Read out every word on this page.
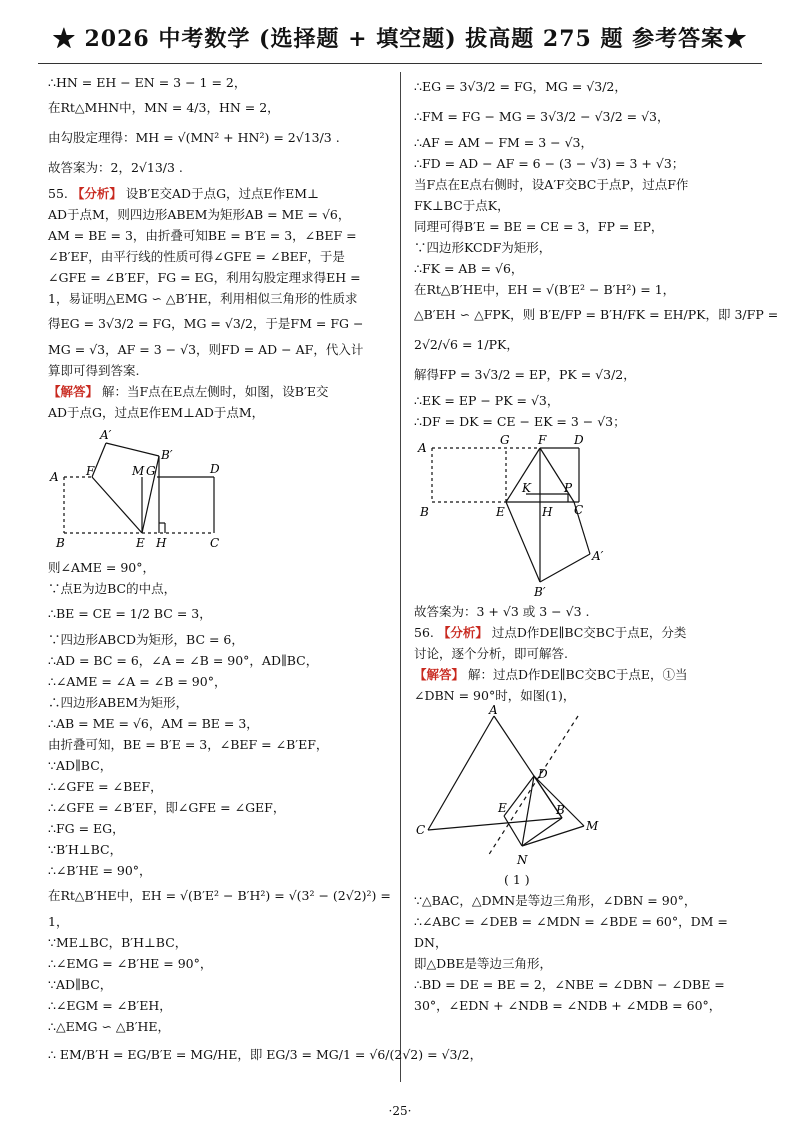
★ 2026 中考数学 (选择题 + 填空题) 拔高题 275 题 参考答案★
∴HN = EH − EN = 3 − 1 = 2，
在Rt△MHN中，MN = 4/3，HN = 2，
由勾股定理得：MH = √(MN² + HN²) = 2√13/3 .
故答案为：2，2√13/3 .
55. 【分析】 设B′E交AD于点G，过点E作EM⊥
AD于点M，则四边形ABEM为矩形AB = ME = √6，
AM = BE = 3，由折叠可知BE = B′E = 3，∠BEF =
∠B′EF，由平行线的性质可得∠GFE = ∠BEF，于是
∠GFE = ∠B′EF，FG = EG，利用勾股定理求得EH =
1，易证明△EMG ∽ △B′HE，利用相似三角形的性质求
得EG = 3√3/2 = FG，MG = √3/2，于是FM = FG −
MG = √3，AF = 3 − √3，则FD = AD − AF，代入计
算即可得到答案.
【解答】 解：当F点在E点左侧时，如图，设B′E交
AD于点G，过点E作EM⊥AD于点M，
A′
B′
A F	M G	D
B	E H	C
则∠AME = 90°，
∵点E为边BC的中点，
∴BE = CE = 1/2 BC = 3，
∵四边形ABCD为矩形，BC = 6，
∴AD = BC = 6，∠A = ∠B = 90°，AD∥BC，
∴∠AME = ∠A = ∠B = 90°，
∴四边形ABEM为矩形，
∴AB = ME = √6，AM = BE = 3，
由折叠可知，BE = B′E = 3，∠BEF = ∠B′EF，
∵AD∥BC，
∴∠GFE = ∠BEF，
∴∠GFE = ∠B′EF，即∠GFE = ∠GEF，
∴FG = EG，
∵B′H⊥BC，
∴∠B′HE = 90°，
在Rt△B′HE中，EH = √(B′E² − B′H²) = √(3² − (2√2)²) =
1，
∵ME⊥BC，B′H⊥BC，
∴∠EMG = ∠B′HE = 90°，
∵AD∥BC，
∴∠EGM = ∠B′EH，
∴△EMG ∽ △B′HE，
∴ EM/B′H = EG/B′E = MG/HE，即 EG/3 = MG/1 = √6/(2√2) = √3/2，
∴EG = 3√3/2 = FG，MG = √3/2，
∴FM = FG − MG = 3√3/2 − √3/2 = √3，
∴AF = AM − FM = 3 − √3，
∴FD = AD − AF = 6 − (3 − √3) = 3 + √3；
当F点在E点右侧时，设A′F交BC于点P，过点F作
FK⊥BC于点K，
同理可得B′E = BE = CE = 3，FP = EP，
∵四边形KCDF为矩形，
∴FK = AB = √6，
在Rt△B′HE中，EH = √(B′E² − B′H²) = 1，
△B′EH ∽ △FPK，则 B′E/FP = B′H/FK = EH/PK，即 3/FP =
2√2/√6 = 1/PK，
解得FP = 3√3/2 = EP，PK = √3/2，
∴EK = EP − PK = √3，
∴DF = DK = CE − EK = 3 − √3；
A
G F D
K	P
B	E	H C
A′
B′
故答案为：3 + √3 或 3 − √3 .
56. 【分析】 过点D作DE∥BC交BC于点E，分类
讨论，逐个分析，即可解答.
【解答】 解：过点D作DE∥BC交BC于点E，①当
∠DBN = 90°时，如图(1)，
A
D
E	B
M
C
N
( 1 )
∵△BAC，△DMN是等边三角形，∠DBN = 90°，
∴∠ABC = ∠DEB = ∠MDN = ∠BDE = 60°，DM =
DN，
即△DBE是等边三角形，
∴BD = DE = BE = 2，∠NBE = ∠DBN − ∠DBE =
30°，∠EDN + ∠NDB = ∠NDB + ∠MDB = 60°，
·25·
